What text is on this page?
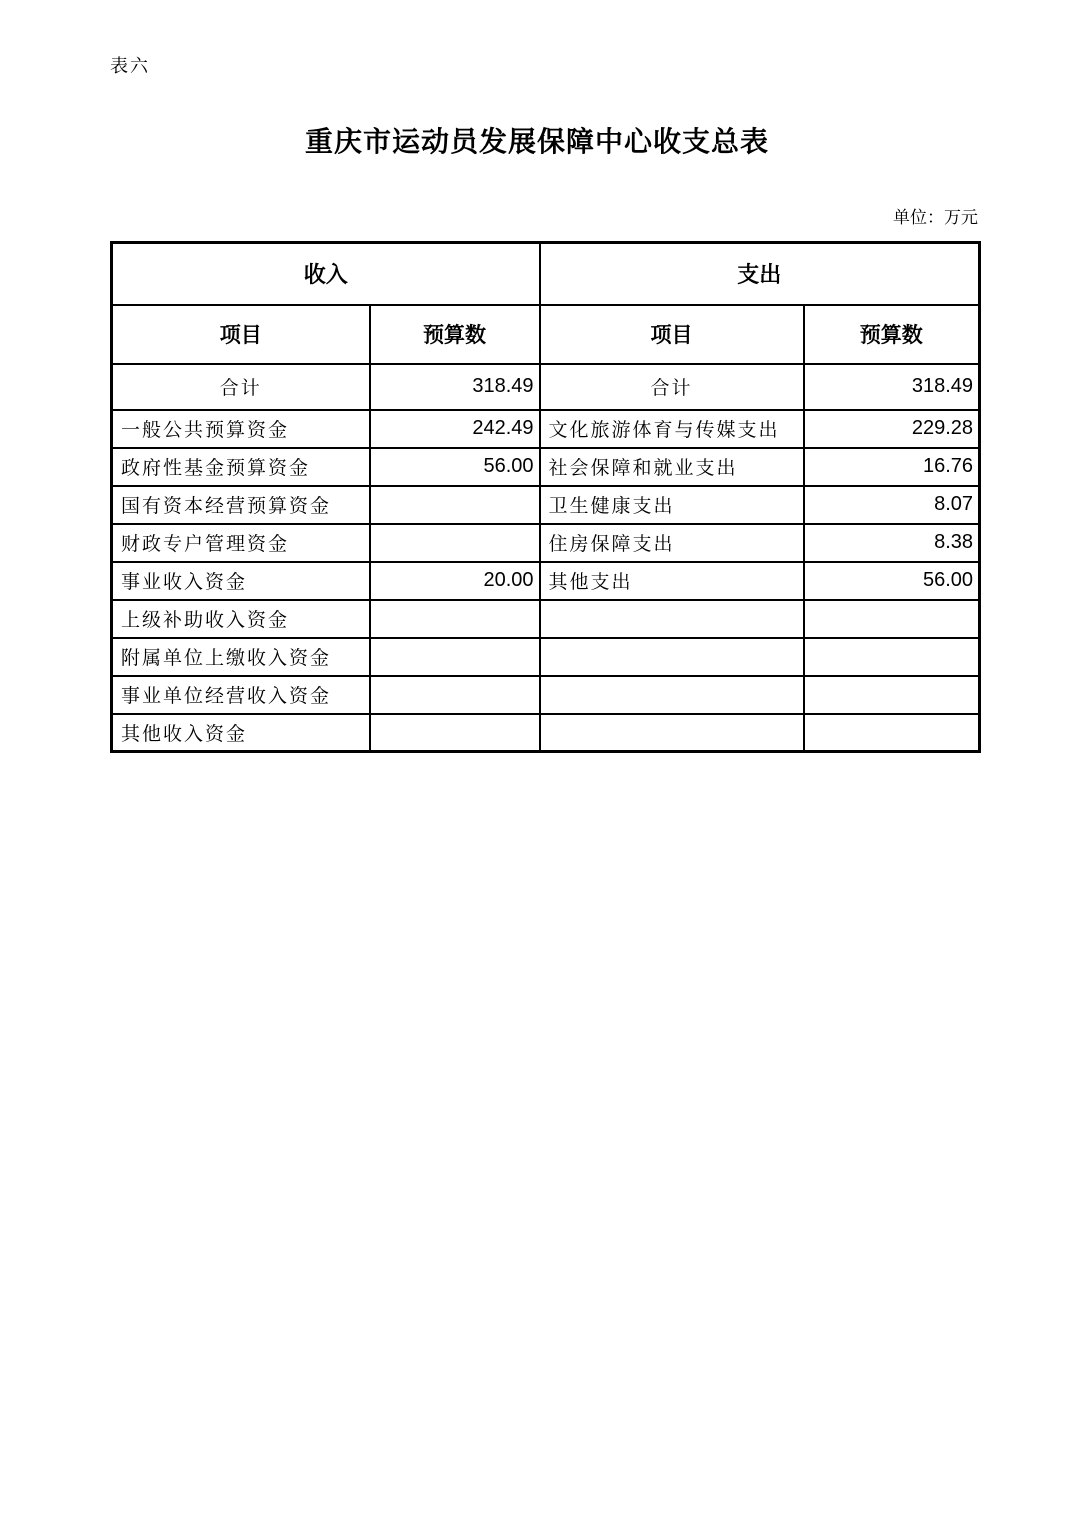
表六
重庆市运动员发展保障中心收支总表
单位：万元
收入		支出	
项目	预算数	项目	预算数
合计	318.49	合计	318.49
一般公共预算资金	242.49	文化旅游体育与传媒支出	229.28
政府性基金预算资金	56.00	社会保障和就业支出	16.76
国有资本经营预算资金		卫生健康支出	8.07
财政专户管理资金		住房保障支出	8.38
事业收入资金	20.00	其他支出	56.00
上级补助收入资金			
附属单位上缴收入资金			
事业单位经营收入资金			
其他收入资金			
